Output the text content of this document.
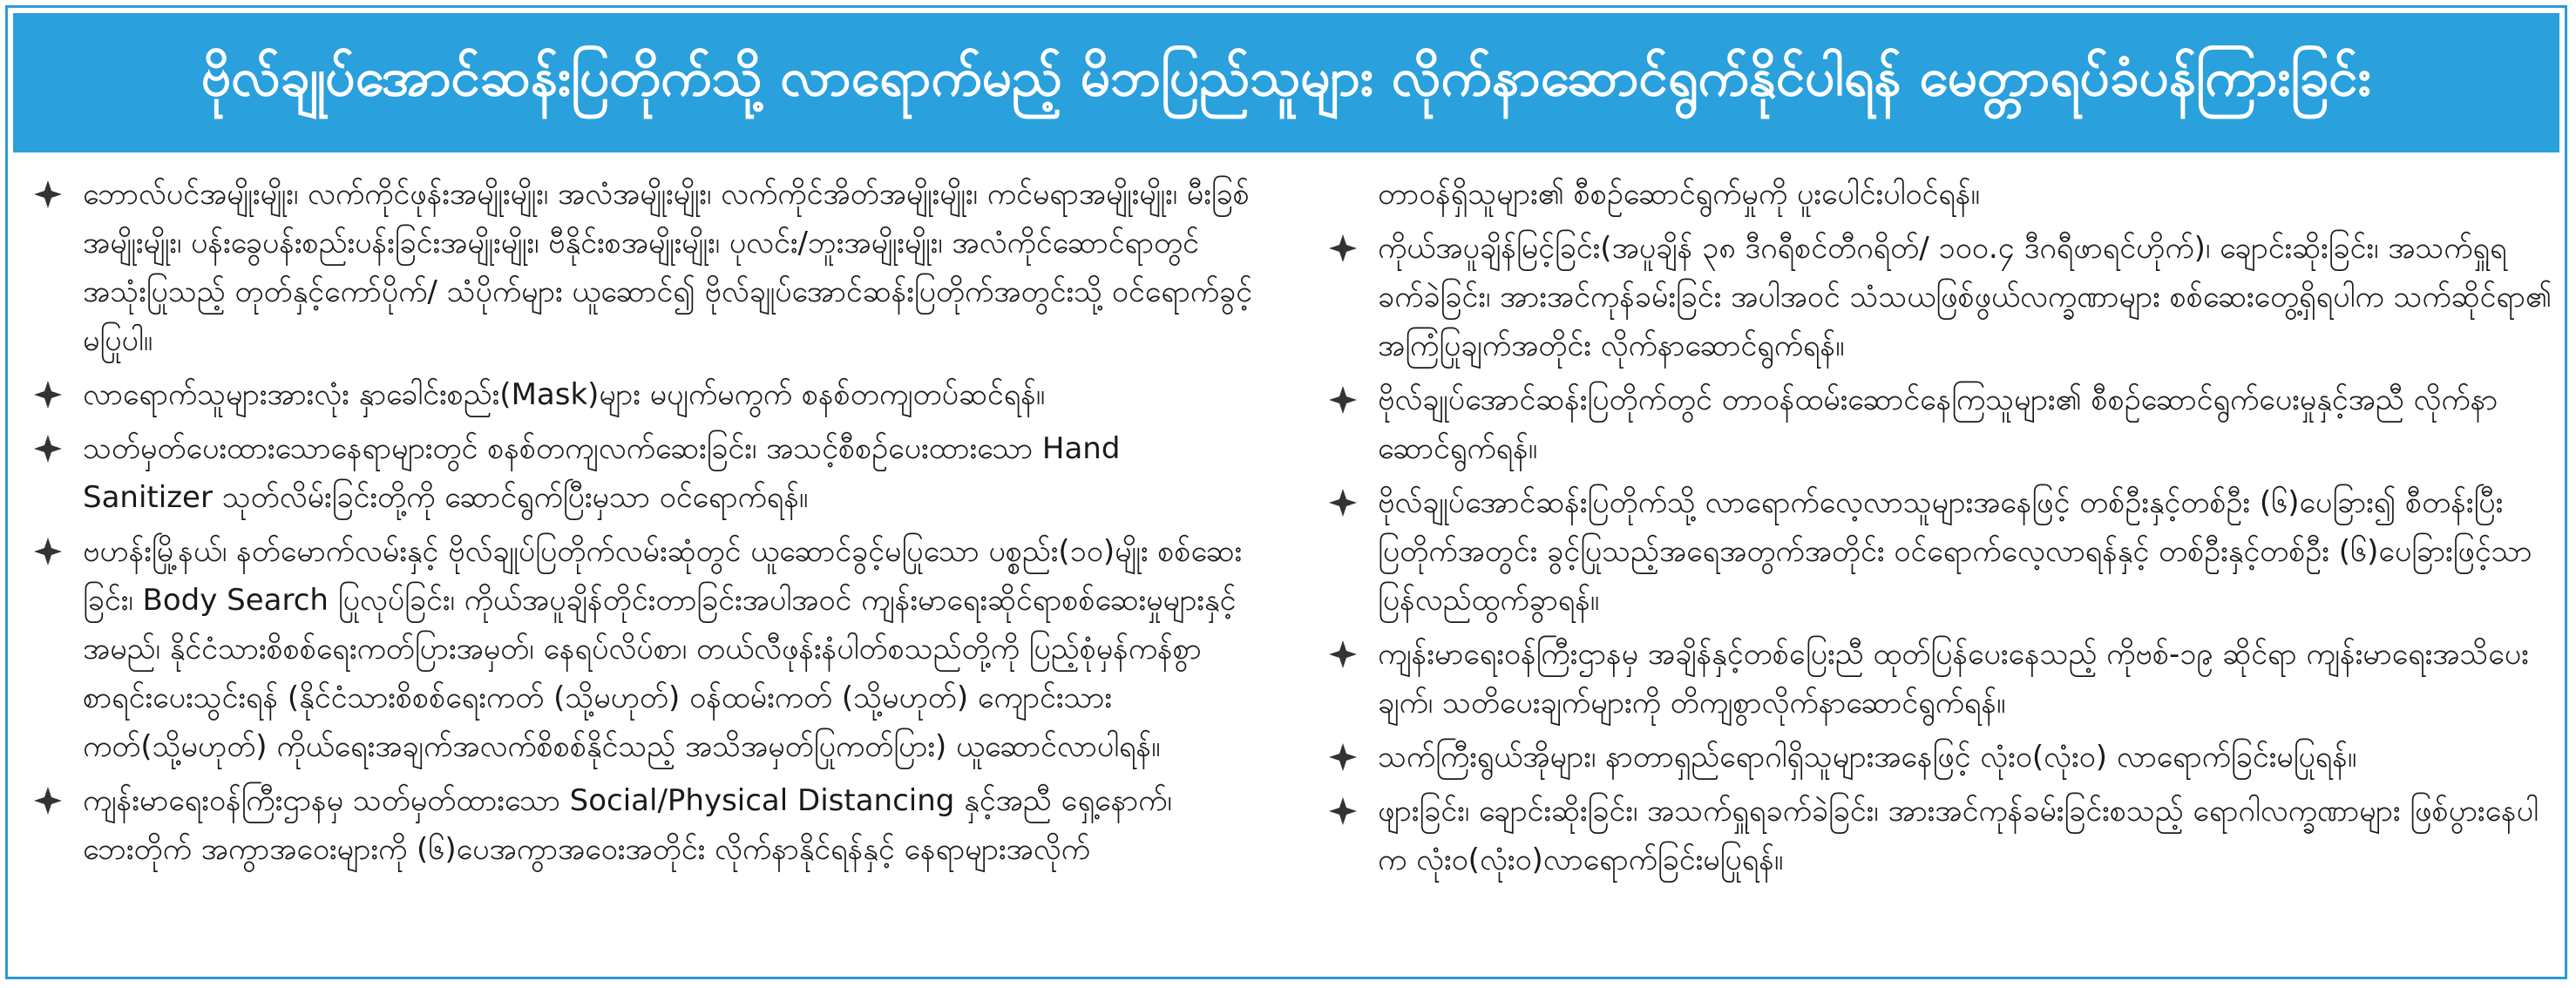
ဗိုလ်ချုပ်အောင်ဆန်းပြတိုက်သို့ လာရောက်မည့် မိဘပြည်သူများ လိုက်နာဆောင်ရွက်နိုင်ပါရန် မေတ္တာရပ်ခံပန်ကြားခြင်း
ဘောလ်ပင်အမျိုးမျိုး၊ လက်ကိုင်ဖုန်းအမျိုးမျိုး၊ အလံအမျိုးမျိုး၊ လက်ကိုင်အိတ်အမျိုးမျိုး၊ ကင်မရာအမျိုးမျိုး၊ မီးခြစ်အမျိုးမျိုး၊ ပန်းခွေပန်းစည်းပန်းခြင်းအမျိုးမျိုး၊ ဗီနိုင်းစအမျိုးမျိုး၊ ပုလင်း/ဘူးအမျိုးမျိုး၊ အလံကိုင်ဆောင်ရာတွင် အသုံးပြုသည့် တုတ်နှင့်ကော်ပိုက်/ သံပိုက်များ ယူဆောင်၍ ဗိုလ်ချုပ်အောင်ဆန်းပြတိုက်အတွင်းသို့ ဝင်ရောက်ခွင့်မပြုပါ။
လာရောက်သူများအားလုံး နှာခေါင်းစည်း(Mask)များ မပျက်မကွက် စနစ်တကျတပ်ဆင်ရန်။
သတ်မှတ်ပေးထားသောနေရာများတွင် စနစ်တကျလက်ဆေးခြင်း၊ အသင့်စီစဉ်ပေးထားသော Hand Sanitizer သုတ်လိမ်းခြင်းတို့ကို ဆောင်ရွက်ပြီးမှသာ ဝင်ရောက်ရန်။
ဗဟန်းမြို့နယ်၊ နတ်မောက်လမ်းနှင့် ဗိုလ်ချုပ်ပြတိုက်လမ်းဆုံတွင် ယူဆောင်ခွင့်မပြုသော ပစ္စည်း(၁၀)မျိုး စစ်ဆေးခြင်း၊ Body Search ပြုလုပ်ခြင်း၊ ကိုယ်အပူချိန်တိုင်းတာခြင်းအပါအဝင် ကျန်းမာရေးဆိုင်ရာစစ်ဆေးမှုများနှင့် အမည်၊ နိုင်ငံသားစိစစ်ရေးကတ်ပြားအမှတ်၊ နေရပ်လိပ်စာ၊ တယ်လီဖုန်းနံပါတ်စသည်တို့ကို ပြည့်စုံမှန်ကန်စွာ စာရင်းပေးသွင်းရန် (နိုင်ငံသားစိစစ်ရေးကတ် (သို့မဟုတ်) ဝန်ထမ်းကတ် (သို့မဟုတ်) ကျောင်းသားကတ်(သို့မဟုတ်) ကိုယ်ရေးအချက်အလက်စိစစ်နိုင်သည့် အသိအမှတ်ပြုကတ်ပြား) ယူဆောင်လာပါရန်။
ကျန်းမာရေးဝန်ကြီးဌာနမှ သတ်မှတ်ထားသော Social/Physical Distancing နှင့်အညီ ရှေ့နောက်၊ ဘေးတိုက် အကွာအဝေးများကို (၆)ပေအကွာအဝေးအတိုင်း လိုက်နာနိုင်ရန်နှင့် နေရာများအလိုက်
တာဝန်ရှိသူများ၏ စီစဉ်ဆောင်ရွက်မှုကို ပူးပေါင်းပါဝင်ရန်။
ကိုယ်အပူချိန်မြင့်ခြင်း(အပူချိန် ၃၈ ဒီဂရီစင်တီဂရိတ်/ ၁၀၀.၄ ဒီဂရီဖာရင်ဟိုက်)၊ ချောင်းဆိုးခြင်း၊ အသက်ရှူရခက်ခဲခြင်း၊ အားအင်ကုန်ခမ်းခြင်း အပါအဝင် သံသယဖြစ်ဖွယ်လက္ခဏာများ စစ်ဆေးတွေ့ရှိရပါက သက်ဆိုင်ရာ၏ အကြံပြုချက်အတိုင်း လိုက်နာဆောင်ရွက်ရန်။
ဗိုလ်ချုပ်အောင်ဆန်းပြတိုက်တွင် တာဝန်ထမ်းဆောင်နေကြသူများ၏ စီစဉ်ဆောင်ရွက်ပေးမှုနှင့်အညီ လိုက်နာဆောင်ရွက်ရန်။
ဗိုလ်ချုပ်အောင်ဆန်းပြတိုက်သို့ လာရောက်လေ့လာသူများအနေဖြင့် တစ်ဦးနှင့်တစ်ဦး (၆)ပေခြား၍ စီတန်းပြီး ပြတိုက်အတွင်း ခွင့်ပြုသည့်အရေအတွက်အတိုင်း ဝင်ရောက်လေ့လာရန်နှင့် တစ်ဦးနှင့်တစ်ဦး (၆)ပေခြားဖြင့်သာ ပြန်လည်ထွက်ခွာရန်။
ကျန်းမာရေးဝန်ကြီးဌာနမှ အချိန်နှင့်တစ်ပြေးညီ ထုတ်ပြန်ပေးနေသည့် ကိုဗစ်-၁၉ ဆိုင်ရာ ကျန်းမာရေးအသိပေးချက်၊ သတိပေးချက်များကို တိကျစွာလိုက်နာဆောင်ရွက်ရန်။
သက်ကြီးရွယ်အိုများ၊ နာတာရှည်ရောဂါရှိသူများအနေဖြင့် လုံးဝ(လုံးဝ) လာရောက်ခြင်းမပြုရန်။
ဖျားခြင်း၊ ချောင်းဆိုးခြင်း၊ အသက်ရှူရခက်ခဲခြင်း၊ အားအင်ကုန်ခမ်းခြင်းစသည့် ရောဂါလက္ခဏာများ ဖြစ်ပွားနေပါက လုံးဝ(လုံးဝ)လာရောက်ခြင်းမပြုရန်။
